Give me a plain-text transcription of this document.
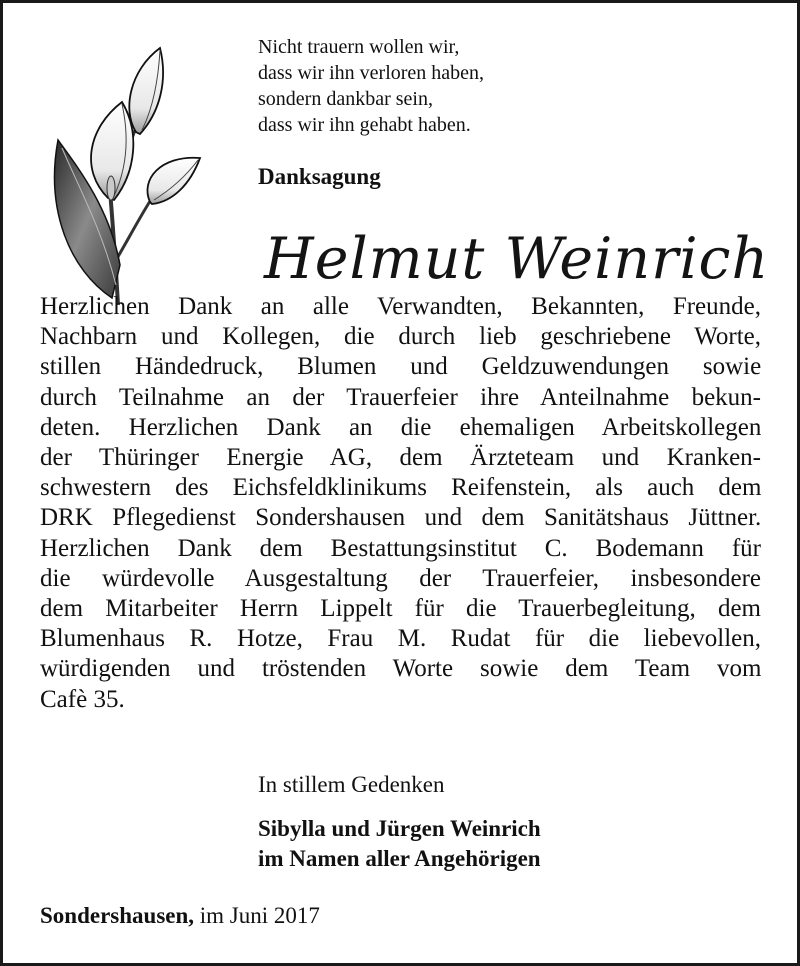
Nicht trauern wollen wir,
dass wir ihn verloren haben,
sondern dankbar sein,
dass wir ihn gehabt haben.
Danksagung
Helmut Weinrich
Herzlichen Dank an alle Verwandten, Bekannten, Freunde,
Nachbarn und Kollegen, die durch lieb geschriebene Worte,
stillen Händedruck, Blumen und Geldzuwendungen sowie
durch Teilnahme an der Trauerfeier ihre Anteilnahme bekun-
deten. Herzlichen Dank an die ehemaligen Arbeitskollegen
der Thüringer Energie AG, dem Ärzteteam und Kranken-
schwestern des Eichsfeldklinikums Reifenstein, als auch dem
DRK Pflegedienst Sondershausen und dem Sanitätshaus Jüttner.
Herzlichen Dank dem Bestattungsinstitut C. Bodemann für
die würdevolle Ausgestaltung der Trauerfeier, insbesondere
dem Mitarbeiter Herrn Lippelt für die Trauerbegleitung, dem
Blumenhaus R. Hotze, Frau M. Rudat für die liebevollen,
würdigenden und tröstenden Worte sowie dem Team vom
Cafè 35.
In stillem Gedenken
Sibylla und Jürgen Weinrich
im Namen aller Angehörigen
Sondershausen, im Juni 2017
